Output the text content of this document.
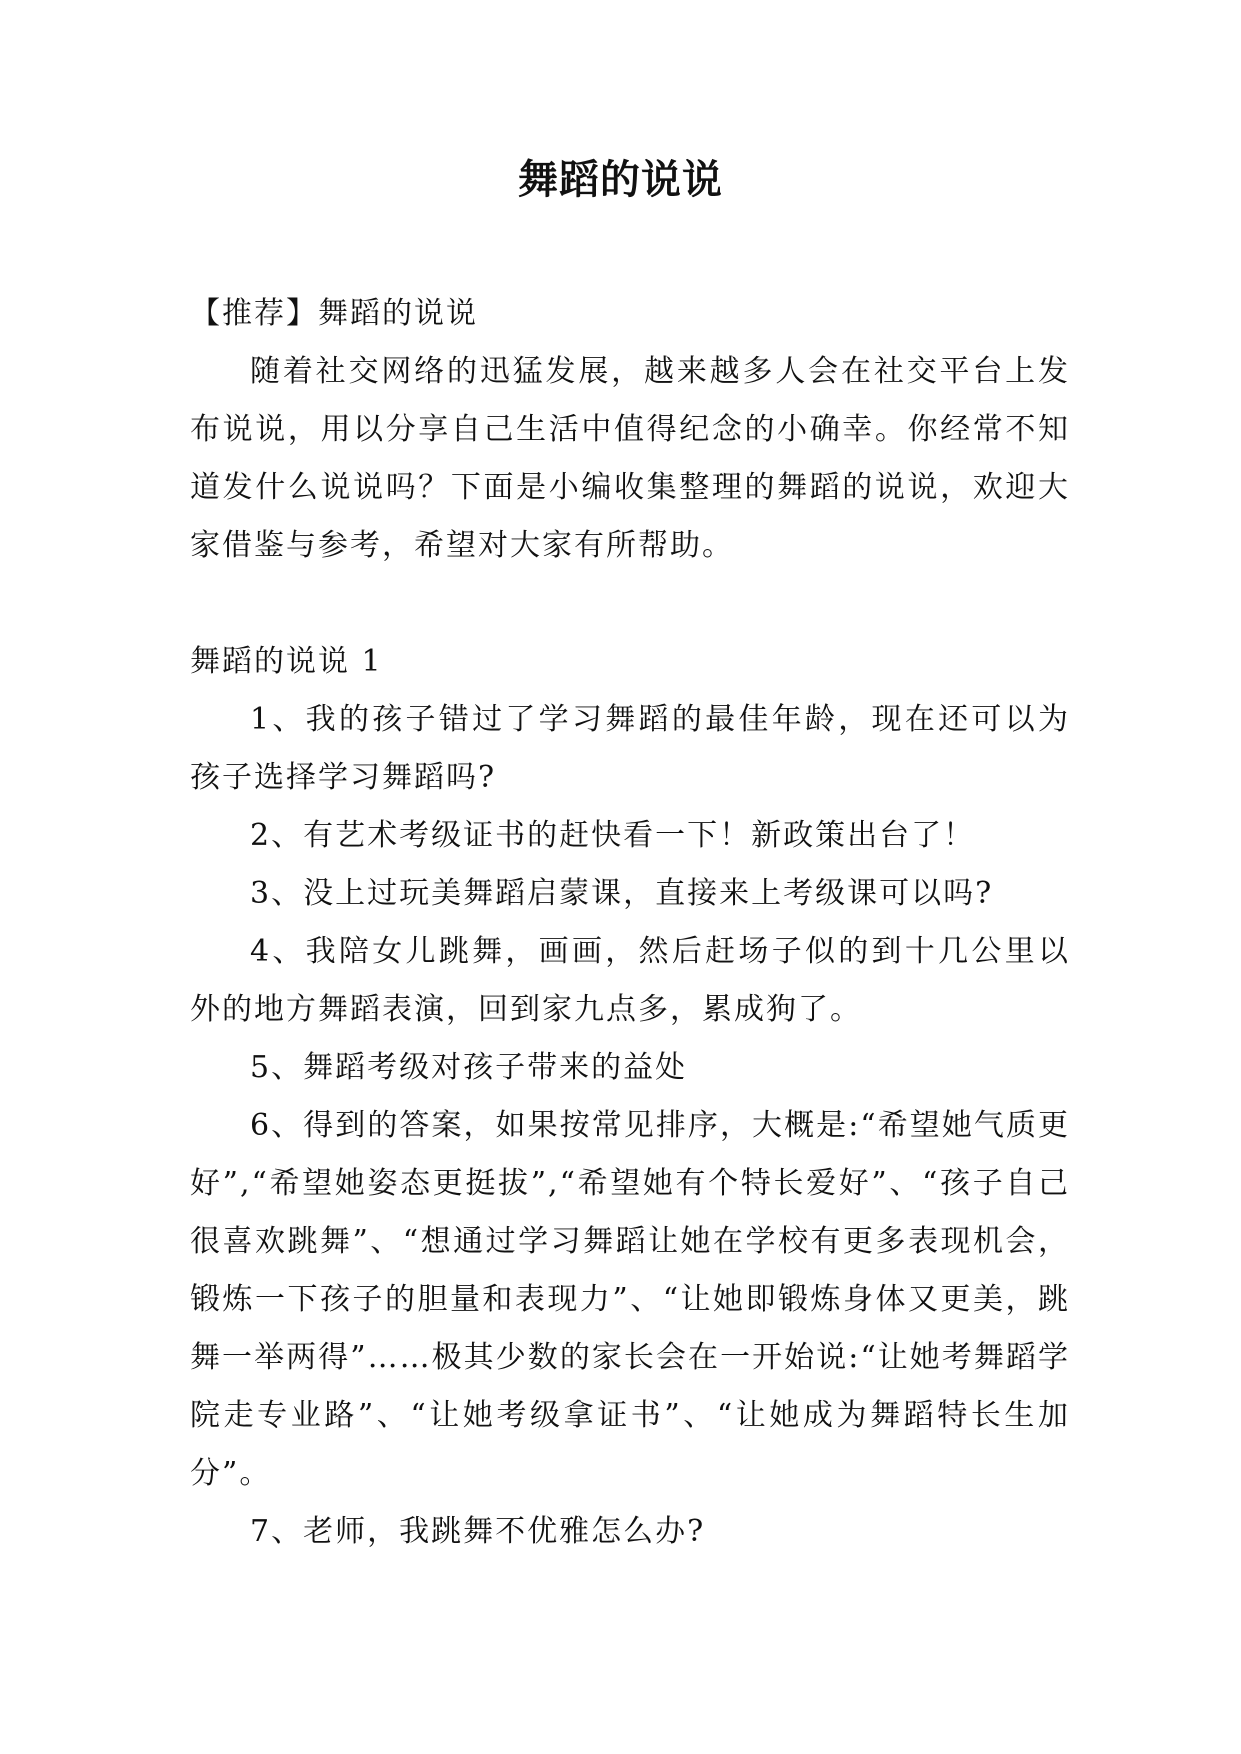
舞蹈的说说

【推荐】舞蹈的说说

随着社交网络的迅猛发展，越来越多人会在社交平台上发布说说，用以分享自己生活中值得纪念的小确幸。你经常不知道发什么说说吗？下面是小编收集整理的舞蹈的说说，欢迎大家借鉴与参考，希望对大家有所帮助。

舞蹈的说说 1

1、我的孩子错过了学习舞蹈的最佳年龄，现在还可以为孩子选择学习舞蹈吗?

2、有艺术考级证书的赶快看一下！新政策出台了！

3、没上过玩美舞蹈启蒙课，直接来上考级课可以吗?

4、我陪女儿跳舞，画画，然后赶场子似的到十几公里以外的地方舞蹈表演，回到家九点多，累成狗了。

5、舞蹈考级对孩子带来的益处

6、得到的答案，如果按常见排序，大概是:“希望她气质更好”,“希望她姿态更挺拔”,“希望她有个特长爱好”、“孩子自己很喜欢跳舞”、“想通过学习舞蹈让她在学校有更多表现机会，锻炼一下孩子的胆量和表现力”、“让她即锻炼身体又更美，跳舞一举两得”……极其少数的家长会在一开始说:“让她考舞蹈学院走专业路”、“让她考级拿证书”、“让她成为舞蹈特长生加分”。

7、老师，我跳舞不优雅怎么办?
